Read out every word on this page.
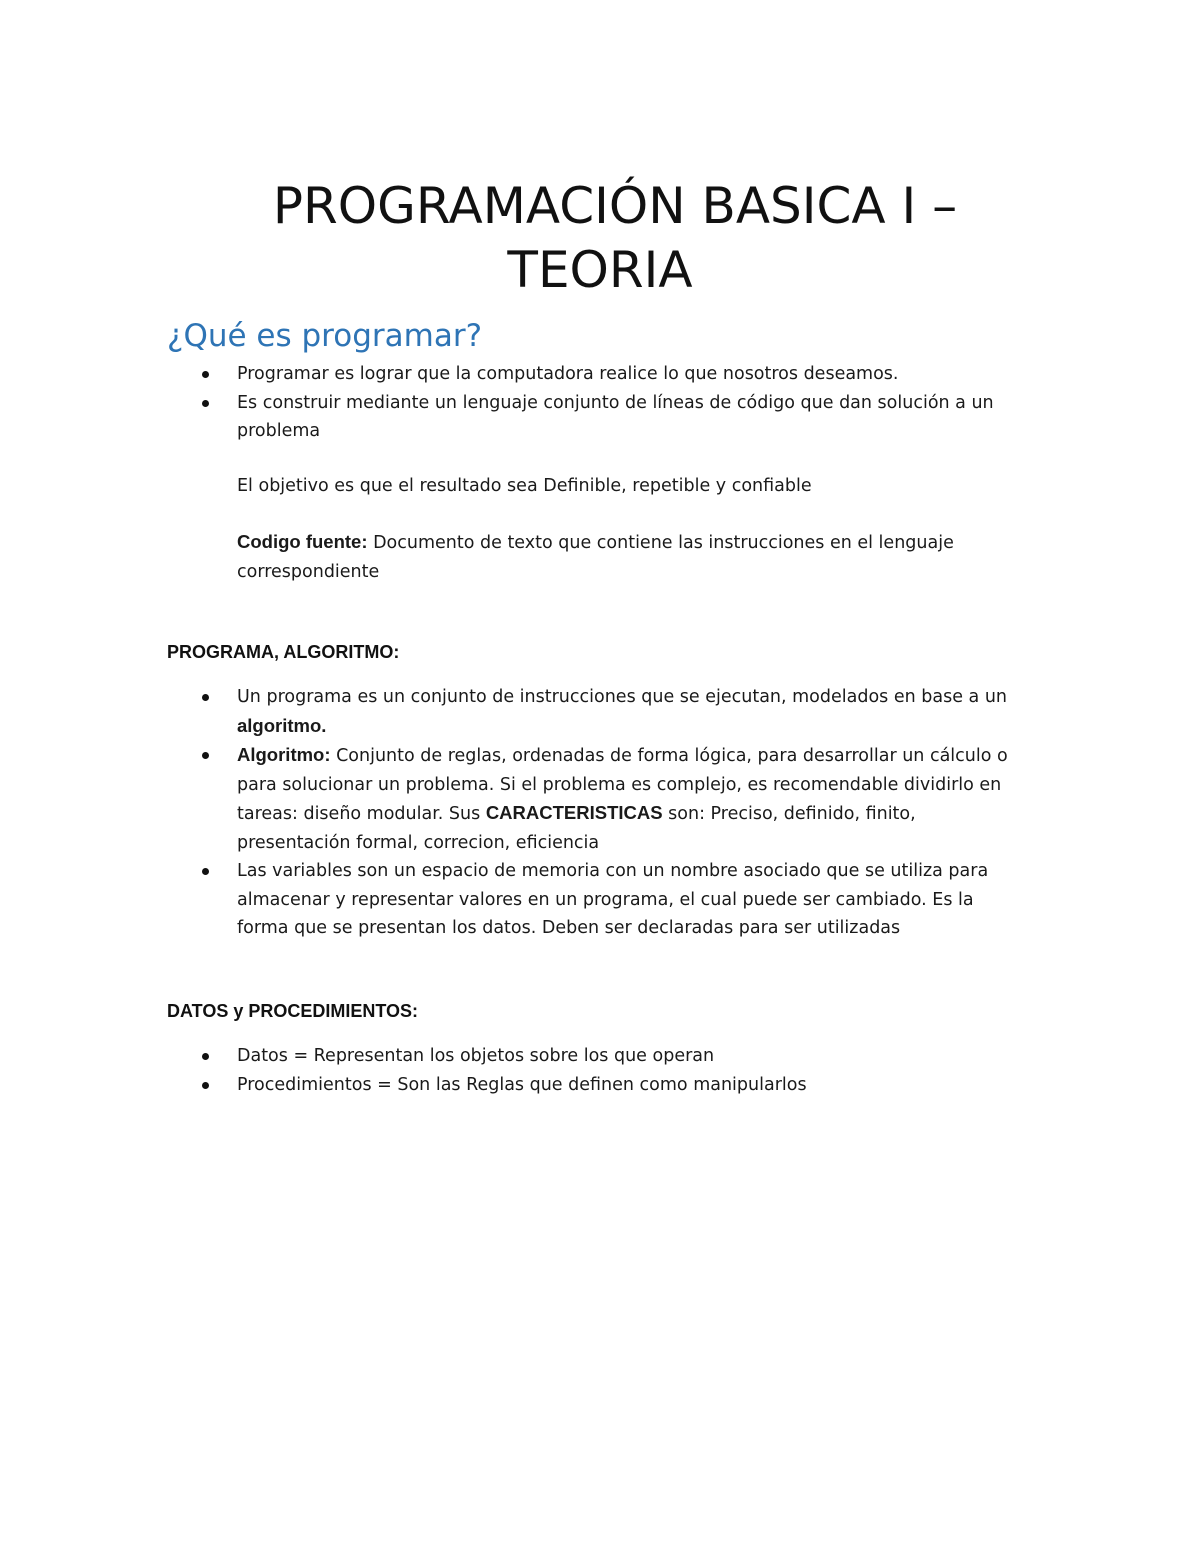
PROGRAMACIÓN BASICA I –
TEORIA
¿Qué es programar?
Programar es lograr que la computadora realice lo que nosotros deseamos.
Es construir mediante un lenguaje conjunto de líneas de código que dan solución a un problema

El objetivo es que el resultado sea Definible, repetible y confiable

Codigo fuente: Documento de texto que contiene las instrucciones en el lenguaje correspondiente

PROGRAMA, ALGORITMO:
Un programa es un conjunto de instrucciones que se ejecutan, modelados en base a un algoritmo.
Algoritmo: Conjunto de reglas, ordenadas de forma lógica, para desarrollar un cálculo o para solucionar un problema. Si el problema es complejo, es recomendable dividirlo en tareas: diseño modular. Sus CARACTERISTICAS son: Preciso, definido, finito, presentación formal, correcion, eficiencia
Las variables son un espacio de memoria con un nombre asociado que se utiliza para almacenar y representar valores en un programa, el cual puede ser cambiado. Es la forma que se presentan los datos. Deben ser declaradas para ser utilizadas
DATOS y PROCEDIMIENTOS:
Datos = Representan los objetos sobre los que operan
Procedimientos = Son las Reglas que definen como manipularlos
